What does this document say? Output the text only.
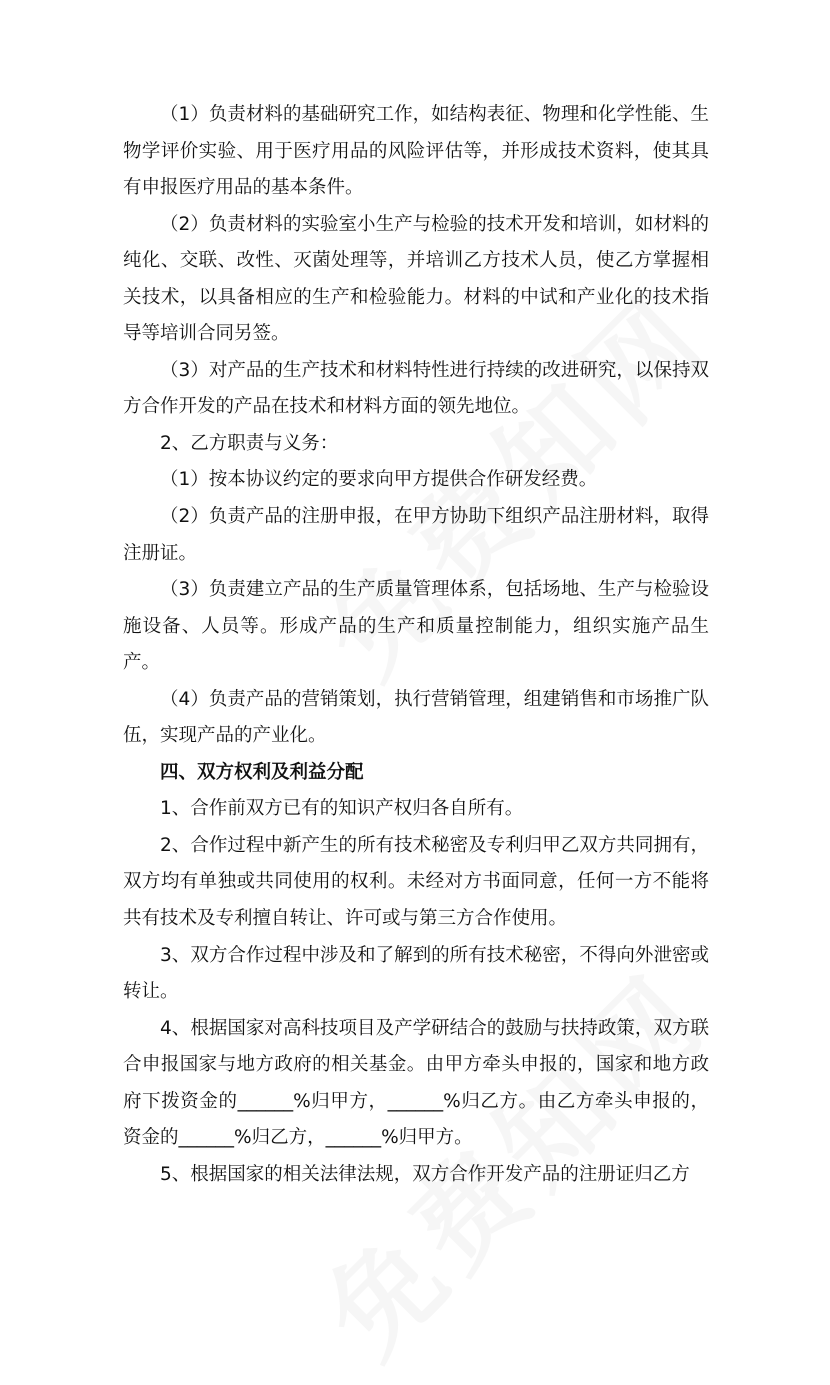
（1）负责材料的基础研究工作，如结构表征、物理和化学性能、生物学评价实验、用于医疗用品的风险评估等，并形成技术资料，使其具有申报医疗用品的基本条件。

（2）负责材料的实验室小生产与检验的技术开发和培训，如材料的纯化、交联、改性、灭菌处理等，并培训乙方技术人员，使乙方掌握相关技术，以具备相应的生产和检验能力。材料的中试和产业化的技术指导等培训合同另签。

（3）对产品的生产技术和材料特性进行持续的改进研究，以保持双方合作开发的产品在技术和材料方面的领先地位。

2、乙方职责与义务：

（1）按本协议约定的要求向甲方提供合作研发经费。

（2）负责产品的注册申报，在甲方协助下组织产品注册材料，取得注册证。

（3）负责建立产品的生产质量管理体系，包括场地、生产与检验设施设备、人员等。形成产品的生产和质量控制能力，组织实施产品生产。

（4）负责产品的营销策划，执行营销管理，组建销售和市场推广队伍，实现产品的产业化。

四、双方权利及利益分配

1、合作前双方已有的知识产权归各自所有。

2、合作过程中新产生的所有技术秘密及专利归甲乙双方共同拥有，双方均有单独或共同使用的权利。未经对方书面同意，任何一方不能将共有技术及专利擅自转让、许可或与第三方合作使用。

3、双方合作过程中涉及和了解到的所有技术秘密，不得向外泄密或转让。

4、根据国家对高科技项目及产学研结合的鼓励与扶持政策，双方联合申报国家与地方政府的相关基金。由甲方牵头申报的，国家和地方政府下拨资金的______%归甲方，______%归乙方。由乙方牵头申报的，资金的______%归乙方，______%归甲方。

5、根据国家的相关法律法规，双方合作开发产品的注册证归乙方
